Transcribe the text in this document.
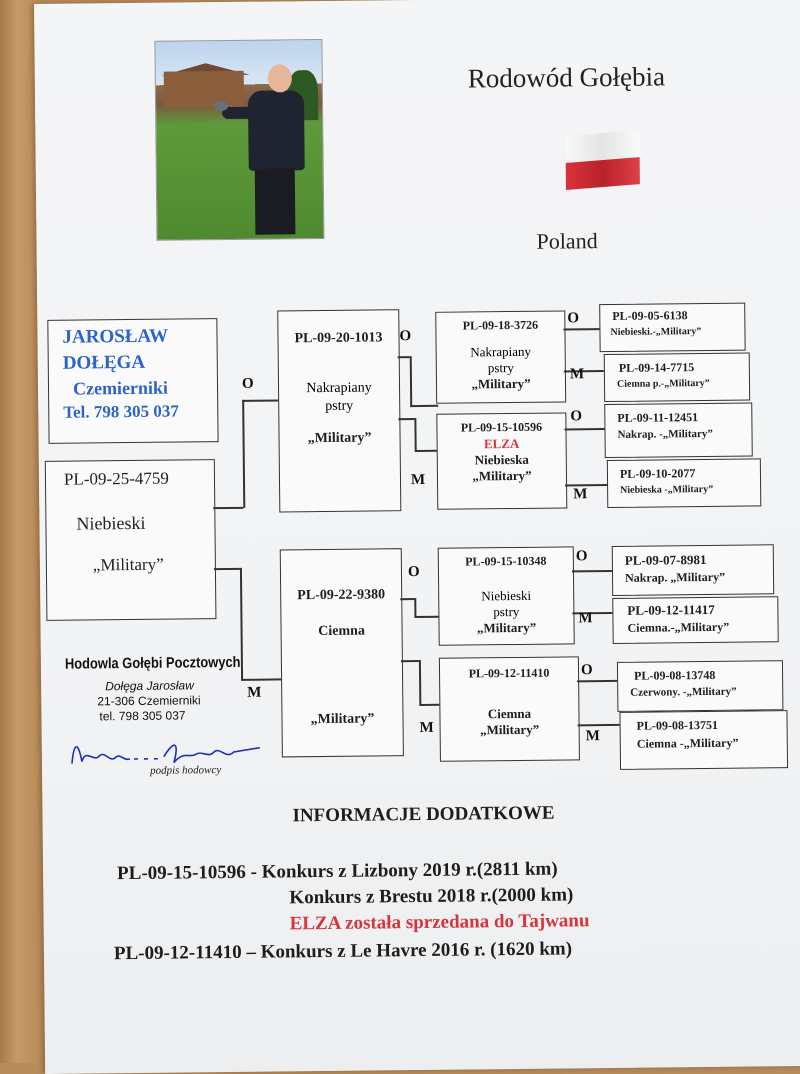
Rodowód Gołębia
Poland
JAROSŁAW
DOŁĘGA
Czemierniki
Tel. 798 305 037
PL-09-25-4759
Niebieski
„Military”
O
M
PL-09-20-1013
Nakrapiany
pstry
„Military”
PL-09-22-9380
Ciemna
„Military”
O
M
PL-09-18-3726
Nakrapiany
pstry
„Military”
PL-09-15-10596
ELZA
Niebieska
„Military”
O
M
PL-09-15-10348
Niebieski
pstry
„Military”
PL-09-12-11410
Ciemna
„Military”
O
M
O
M
O
M
O
M
PL-09-05-6138
Niebieski.-„Military”
PL-09-14-7715
Ciemna p.-„Military”
PL-09-11-12451
Nakrap. -„Military”
PL-09-10-2077
Niebieska -„Military”
PL-09-07-8981
Nakrap. „Military”
PL-09-12-11417
Ciemna.-„Military”
PL-09-08-13748
Czerwony. -„Military”
PL-09-08-13751
Ciemna -„Military”
Hodowla Gołębi Pocztowych
Dołęga Jarosław
21-306 Czemierniki
tel. 798 305 037
podpis hodowcy
INFORMACJE DODATKOWE
PL-09-15-10596 - Konkurs z Lizbony 2019 r.(2811 km)
Konkurs z Brestu 2018 r.(2000 km)
ELZA została sprzedana do Tajwanu
PL-09-12-11410 – Konkurs z Le Havre 2016 r. (1620 km)
